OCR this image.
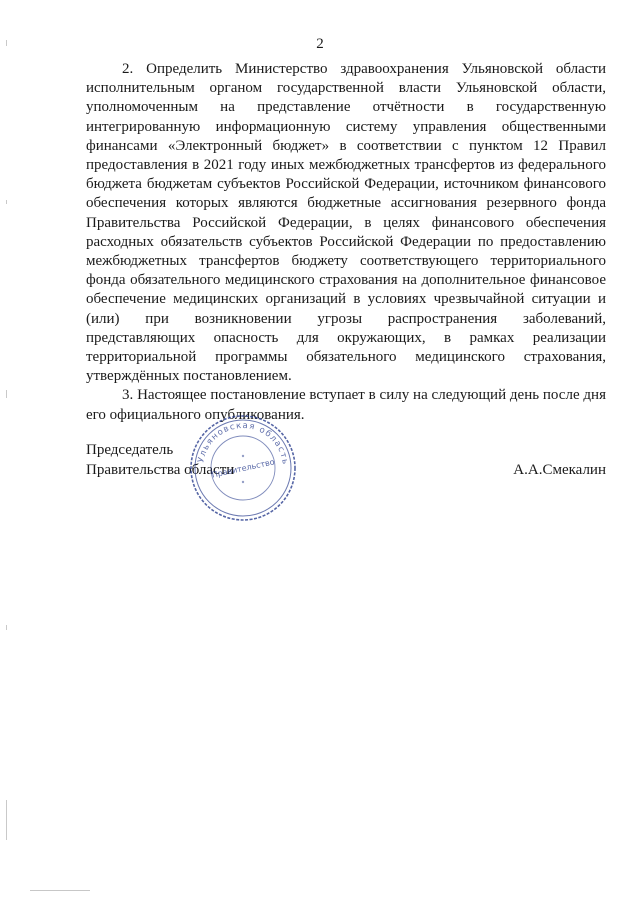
2

2. Определить Министерство здравоохранения Ульяновской области исполнительным органом государственной власти Ульяновской области, уполномоченным на представление отчётности в государственную интегрированную информационную систему управления общественными финансами «Электронный бюджет» в соответствии с пунктом 12 Правил предоставления в 2021 году иных межбюджетных трансфертов из федерального бюджета бюджетам субъектов Российской Федерации, источником финансового обеспечения которых являются бюджетные ассигнования резервного фонда Правительства Российской Федерации, в целях финансового обеспечения расходных обязательств субъектов Российской Федерации по предоставлению межбюджетных трансфертов бюджету соответствующего территориального фонда обязательного медицинского страхования на дополнительное финансовое обеспечение медицинских организаций в условиях чрезвычайной ситуации и (или) при возникновении угрозы распространения заболеваний, представляющих опасность для окружающих, в рамках реализации территориальной программы обязательного медицинского страхования, утверждённых постановлением.

3. Настоящее постановление вступает в силу на следующий день после дня его официального опубликования.

Председатель
Правительства области	А.А.Смекалин
Ульяновская область
Правительство
